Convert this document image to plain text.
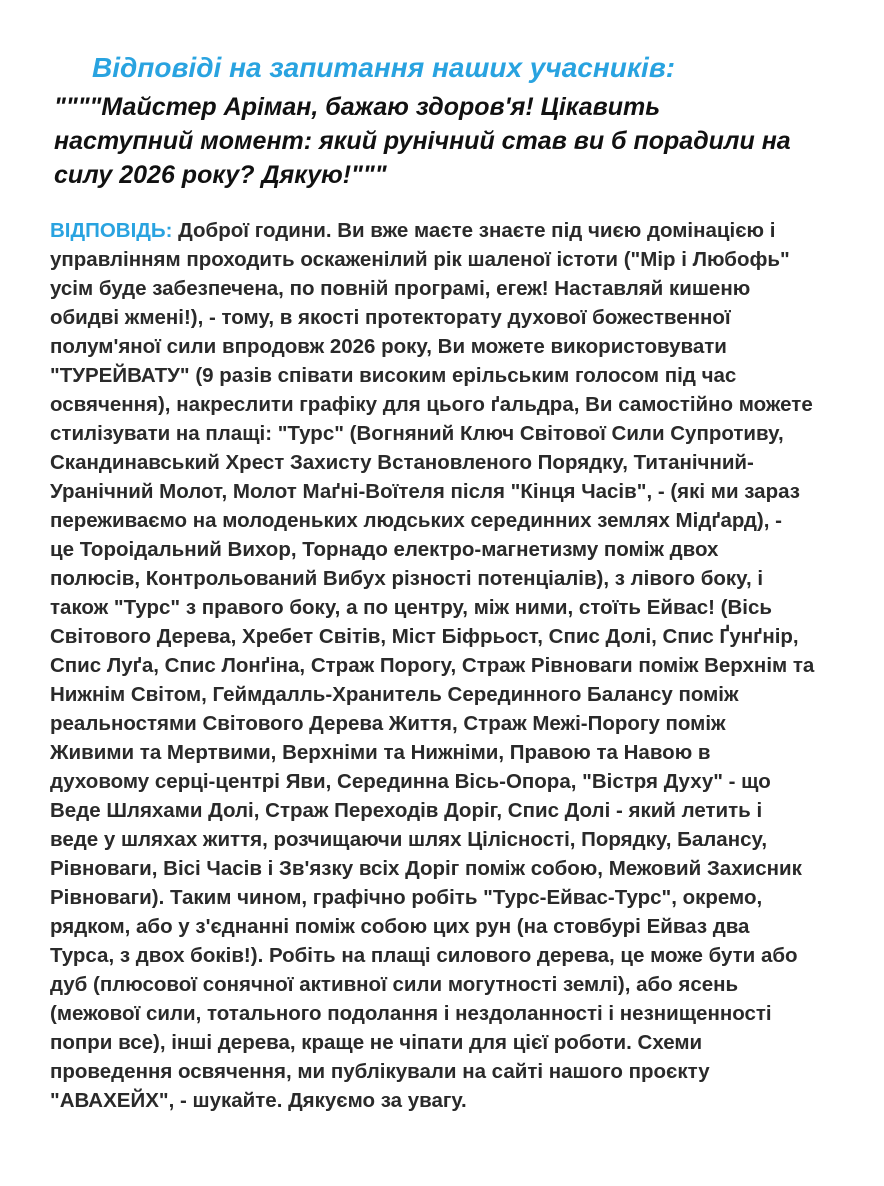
Відповіді на запитання наших учасників:
""""Майстер Аріман, бажаю здоров'я! Цікавить
наступний момент: який рунічний став ви б порадили на
силу 2026 року? Дякую!"""
ВІДПОВІДЬ: Доброї години. Ви вже маєте знаєте під чиєю домінацією і
управлінням проходить оскаженілий рік шаленої істоти ("Мір і Любофь"
усім буде забезпечена, по повній програмі, егеж! Наставляй кишеню
обидві жмені!), - тому, в якості протекторату духової божественної
полум'яної сили впродовж 2026 року, Ви можете використовувати
"ТУРЕЙВАТУ" (9 разів співати високим ерільським голосом під час
освячення), накреслити графіку для цього ґальдра, Ви самостійно можете
стилізувати на плащі: "Турс" (Вогняний Ключ Світової Сили Супротиву,
Скандинавський Хрест Захисту Встановленого Порядку, Титанічний-
Уранічний Молот, Молот Маґні-Воїтеля після "Кінця Часів", - (які ми зараз
переживаємо на молоденьких людських серединних землях Мідґард), -
це Тороідальний Вихор, Торнадо електро-магнетизму поміж двох
полюсів, Контрольований Вибух різності потенціалів), з лівого боку, і
також "Турс" з правого боку, а по центру, між ними, стоїть Ейвас! (Вісь
Світового Дерева, Хребет Світів, Міст Біфрьост, Спис Долі, Спис Ґунґнір,
Спис Луґа, Спис Лонґіна, Страж Порогу, Страж Рівноваги поміж Верхнім та
Нижнім Світом, Геймдалль-Хранитель Серединного Балансу поміж
реальностями Світового Дерева Життя, Страж Межі-Порогу поміж
Живими та Мертвими, Верхніми та Нижніми, Правою та Навою в
духовому серці-центрі Яви, Серединна Вісь-Опора, "Вістря Духу" - що
Веде Шляхами Долі, Страж Переходів Доріг, Спис Долі - який летить і
веде у шляхах життя, розчищаючи шлях Цілісності, Порядку, Балансу,
Рівноваги, Вісі Часів і Зв'язку всіх Доріг поміж собою, Межовий Захисник
Рівноваги). Таким чином, графічно робіть "Турс-Ейвас-Турс", окремо,
рядком, або у з'єднанні поміж собою цих рун (на стовбурі Ейваз два
Турса, з двох боків!). Робіть на плащі силового дерева, це може бути або
дуб (плюсової сонячної активної сили могутності землі), або ясень
(межової сили, тотального подолання і нездоланності і незнищенності
попри все), інші дерева, краще не чіпати для цієї роботи. Схеми
проведення освячення, ми публікували на сайті нашого проєкту
"АВАХЕЙХ", - шукайте. Дякуємо за увагу.
